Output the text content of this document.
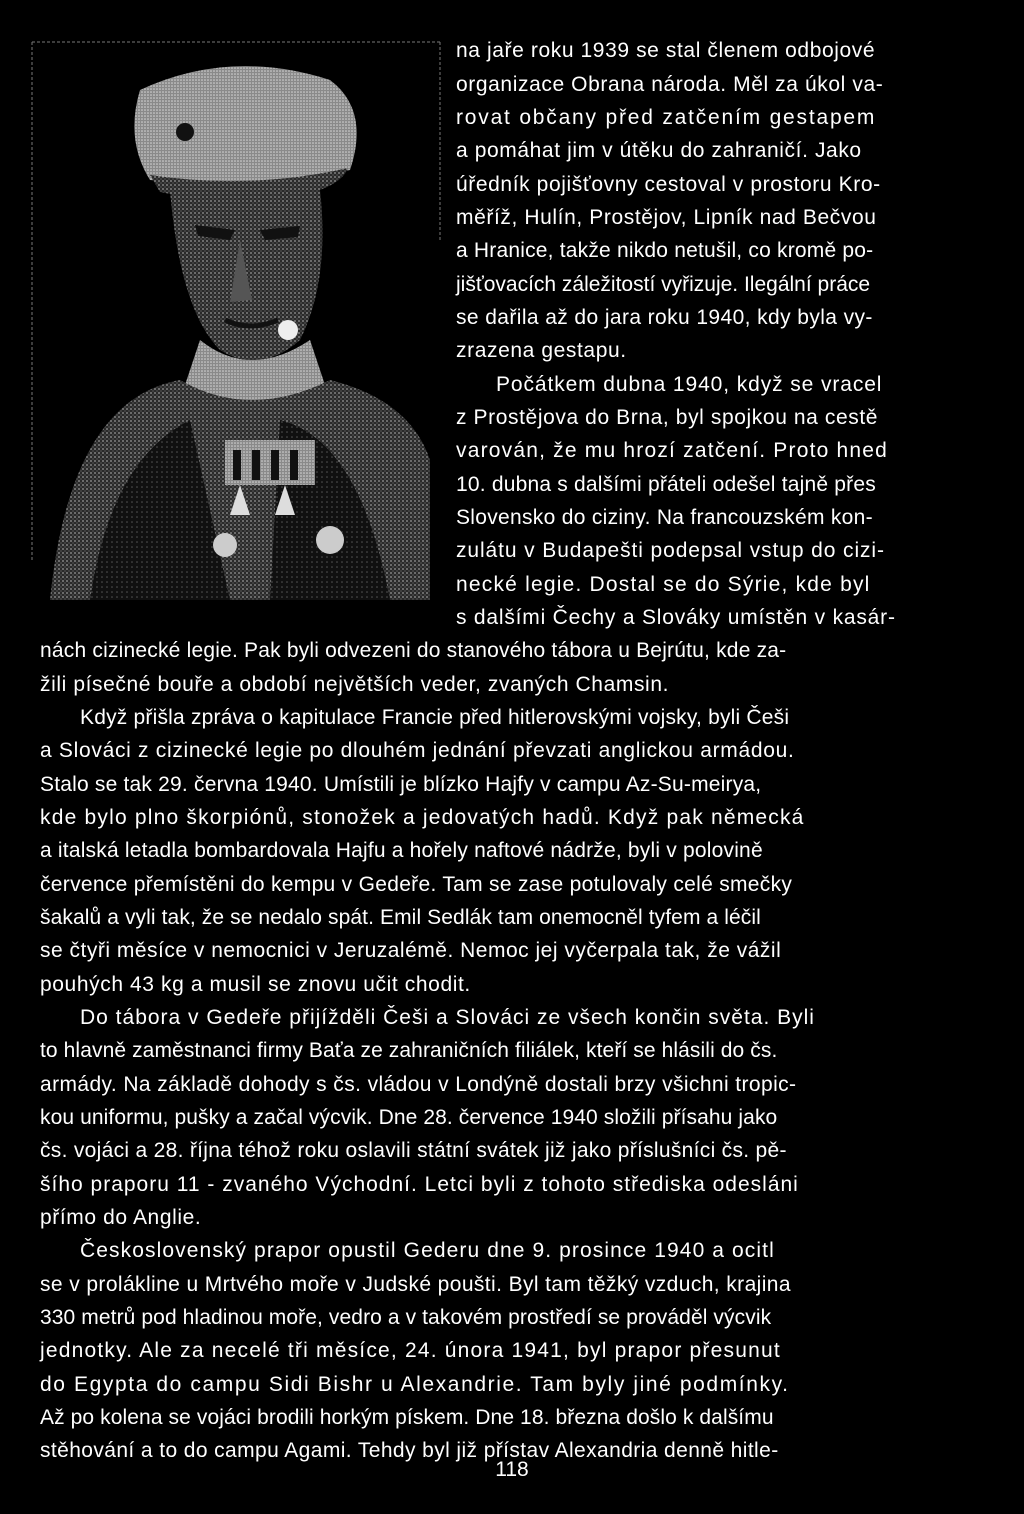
na jaře roku 1939 se stal členem odbojové
organizace Obrana národa. Měl za úkol va-
rovat občany před zatčením gestapem
a pomáhat jim v útěku do zahraničí. Jako
úředník pojišťovny cestoval v prostoru Kro-
měříž, Hulín, Prostějov, Lipník nad Bečvou
a Hranice, takže nikdo netušil, co kromě po-
jišťovacích záležitostí vyřizuje. Ilegální práce
se dařila až do jara roku 1940, kdy byla vy-
zrazena gestapu.
Počátkem dubna 1940, když se vracel
z Prostějova do Brna, byl spojkou na cestě
varován, že mu hrozí zatčení. Proto hned
10. dubna s dalšími přáteli odešel tajně přes
Slovensko do ciziny. Na francouzském kon-
zulátu v Budapešti podepsal vstup do cizi-
necké legie. Dostal se do Sýrie, kde byl
s dalšími Čechy a Slováky umístěn v kasár-
nách cizinecké legie. Pak byli odvezeni do stanového tábora u Bejrútu, kde za-
žili písečné bouře a období největších veder, zvaných Chamsin.
Když přišla zpráva o kapitulace Francie před hitlerovskými vojsky, byli Češi
a Slováci z cizinecké legie po dlouhém jednání převzati anglickou armádou.
Stalo se tak 29. června 1940. Umístili je blízko Hajfy v campu Az-Su-meirya,
kde bylo plno škorpiónů, stonožek a jedovatých hadů. Když pak německá
a italská letadla bombardovala Hajfu a hořely naftové nádrže, byli v polovině
července přemístěni do kempu v Gedeře. Tam se zase potulovaly celé smečky
šakalů a vyli tak, že se nedalo spát. Emil Sedlák tam onemocněl tyfem a léčil
se čtyři měsíce v nemocnici v Jeruzalémě. Nemoc jej vyčerpala tak, že vážil
pouhých 43 kg a musil se znovu učit chodit.
Do tábora v Gedeře přijížděli Češi a Slováci ze všech končin světa. Byli
to hlavně zaměstnanci firmy Baťa ze zahraničních filiálek, kteří se hlásili do čs.
armády. Na základě dohody s čs. vládou v Londýně dostali brzy všichni tropic-
kou uniformu, pušky a začal výcvik. Dne 28. července 1940 složili přísahu jako
čs. vojáci a 28. října téhož roku oslavili státní svátek již jako příslušníci čs. pě-
šího praporu 11 - zvaného Východní. Letci byli z tohoto střediska odesláni
přímo do Anglie.
Československý prapor opustil Gederu dne 9. prosince 1940 a ocitl
se v prolákline u Mrtvého moře v Judské poušti. Byl tam těžký vzduch, krajina
330 metrů pod hladinou moře, vedro a v takovém prostředí se prováděl výcvik
jednotky. Ale za necelé tři měsíce, 24. února 1941, byl prapor přesunut
do Egypta do campu Sidi Bishr u Alexandrie. Tam byly jiné podmínky.
Až po kolena se vojáci brodili horkým pískem. Dne 18. března došlo k dalšímu
stěhování a to do campu Agami. Tehdy byl již přístav Alexandria denně hitle-
118
